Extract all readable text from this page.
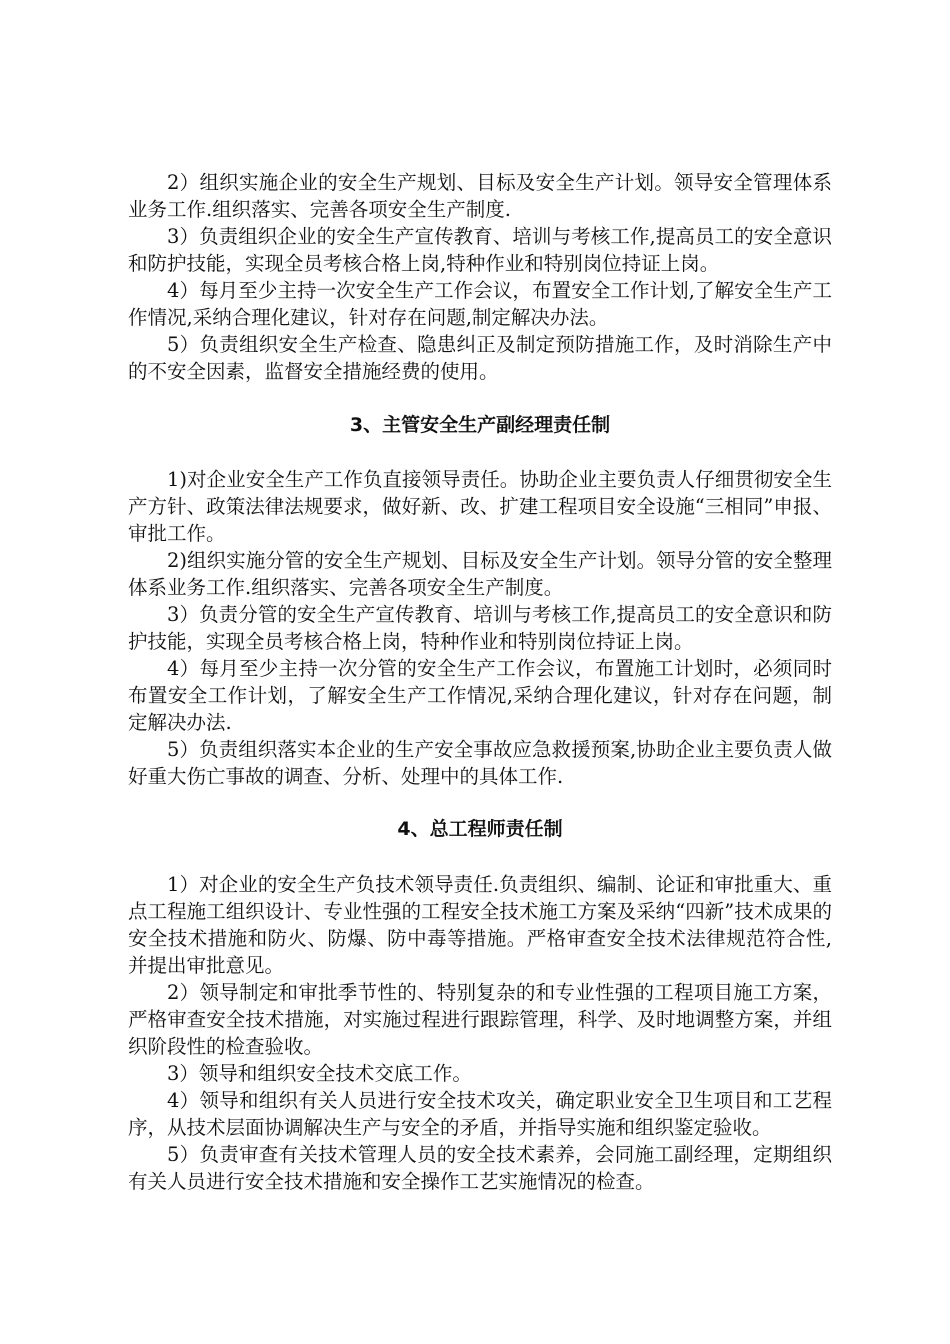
2）组织实施企业的安全生产规划、目标及安全生产计划。领导安全管理体系业务工作.组织落实、完善各项安全生产制度.

3）负责组织企业的安全生产宣传教育、培训与考核工作,提高员工的安全意识和防护技能，实现全员考核合格上岗,特种作业和特别岗位持证上岗。

4）每月至少主持一次安全生产工作会议，布置安全工作计划,了解安全生产工作情况,采纳合理化建议，针对存在问题,制定解决办法。

5）负责组织安全生产检查、隐患纠正及制定预防措施工作，及时消除生产中的不安全因素，监督安全措施经费的使用。

3、主管安全生产副经理责任制

1)对企业安全生产工作负直接领导责任。协助企业主要负责人仔细贯彻安全生产方针、政策法律法规要求，做好新、改、扩建工程项目安全设施“三相同”申报、审批工作。

2)组织实施分管的安全生产规划、目标及安全生产计划。领导分管的安全整理体系业务工作.组织落实、完善各项安全生产制度。

3）负责分管的安全生产宣传教育、培训与考核工作,提高员工的安全意识和防护技能，实现全员考核合格上岗，特种作业和特别岗位持证上岗。

4）每月至少主持一次分管的安全生产工作会议，布置施工计划时，必须同时布置安全工作计划，了解安全生产工作情况,采纳合理化建议，针对存在问题，制定解决办法.

5）负责组织落实本企业的生产安全事故应急救援预案,协助企业主要负责人做好重大伤亡事故的调查、分析、处理中的具体工作.

4、总工程师责任制

1）对企业的安全生产负技术领导责任.负责组织、编制、论证和审批重大、重点工程施工组织设计、专业性强的工程安全技术施工方案及采纳“四新”技术成果的安全技术措施和防火、防爆、防中毒等措施。严格审查安全技术法律规范符合性,并提出审批意见。

2）领导制定和审批季节性的、特别复杂的和专业性强的工程项目施工方案，严格审查安全技术措施，对实施过程进行跟踪管理，科学、及时地调整方案，并组织阶段性的检查验收。

3）领导和组织安全技术交底工作。

4）领导和组织有关人员进行安全技术攻关，确定职业安全卫生项目和工艺程序，从技术层面协调解决生产与安全的矛盾，并指导实施和组织鉴定验收。

5）负责审查有关技术管理人员的安全技术素养，会同施工副经理，定期组织有关人员进行安全技术措施和安全操作工艺实施情况的检查。
